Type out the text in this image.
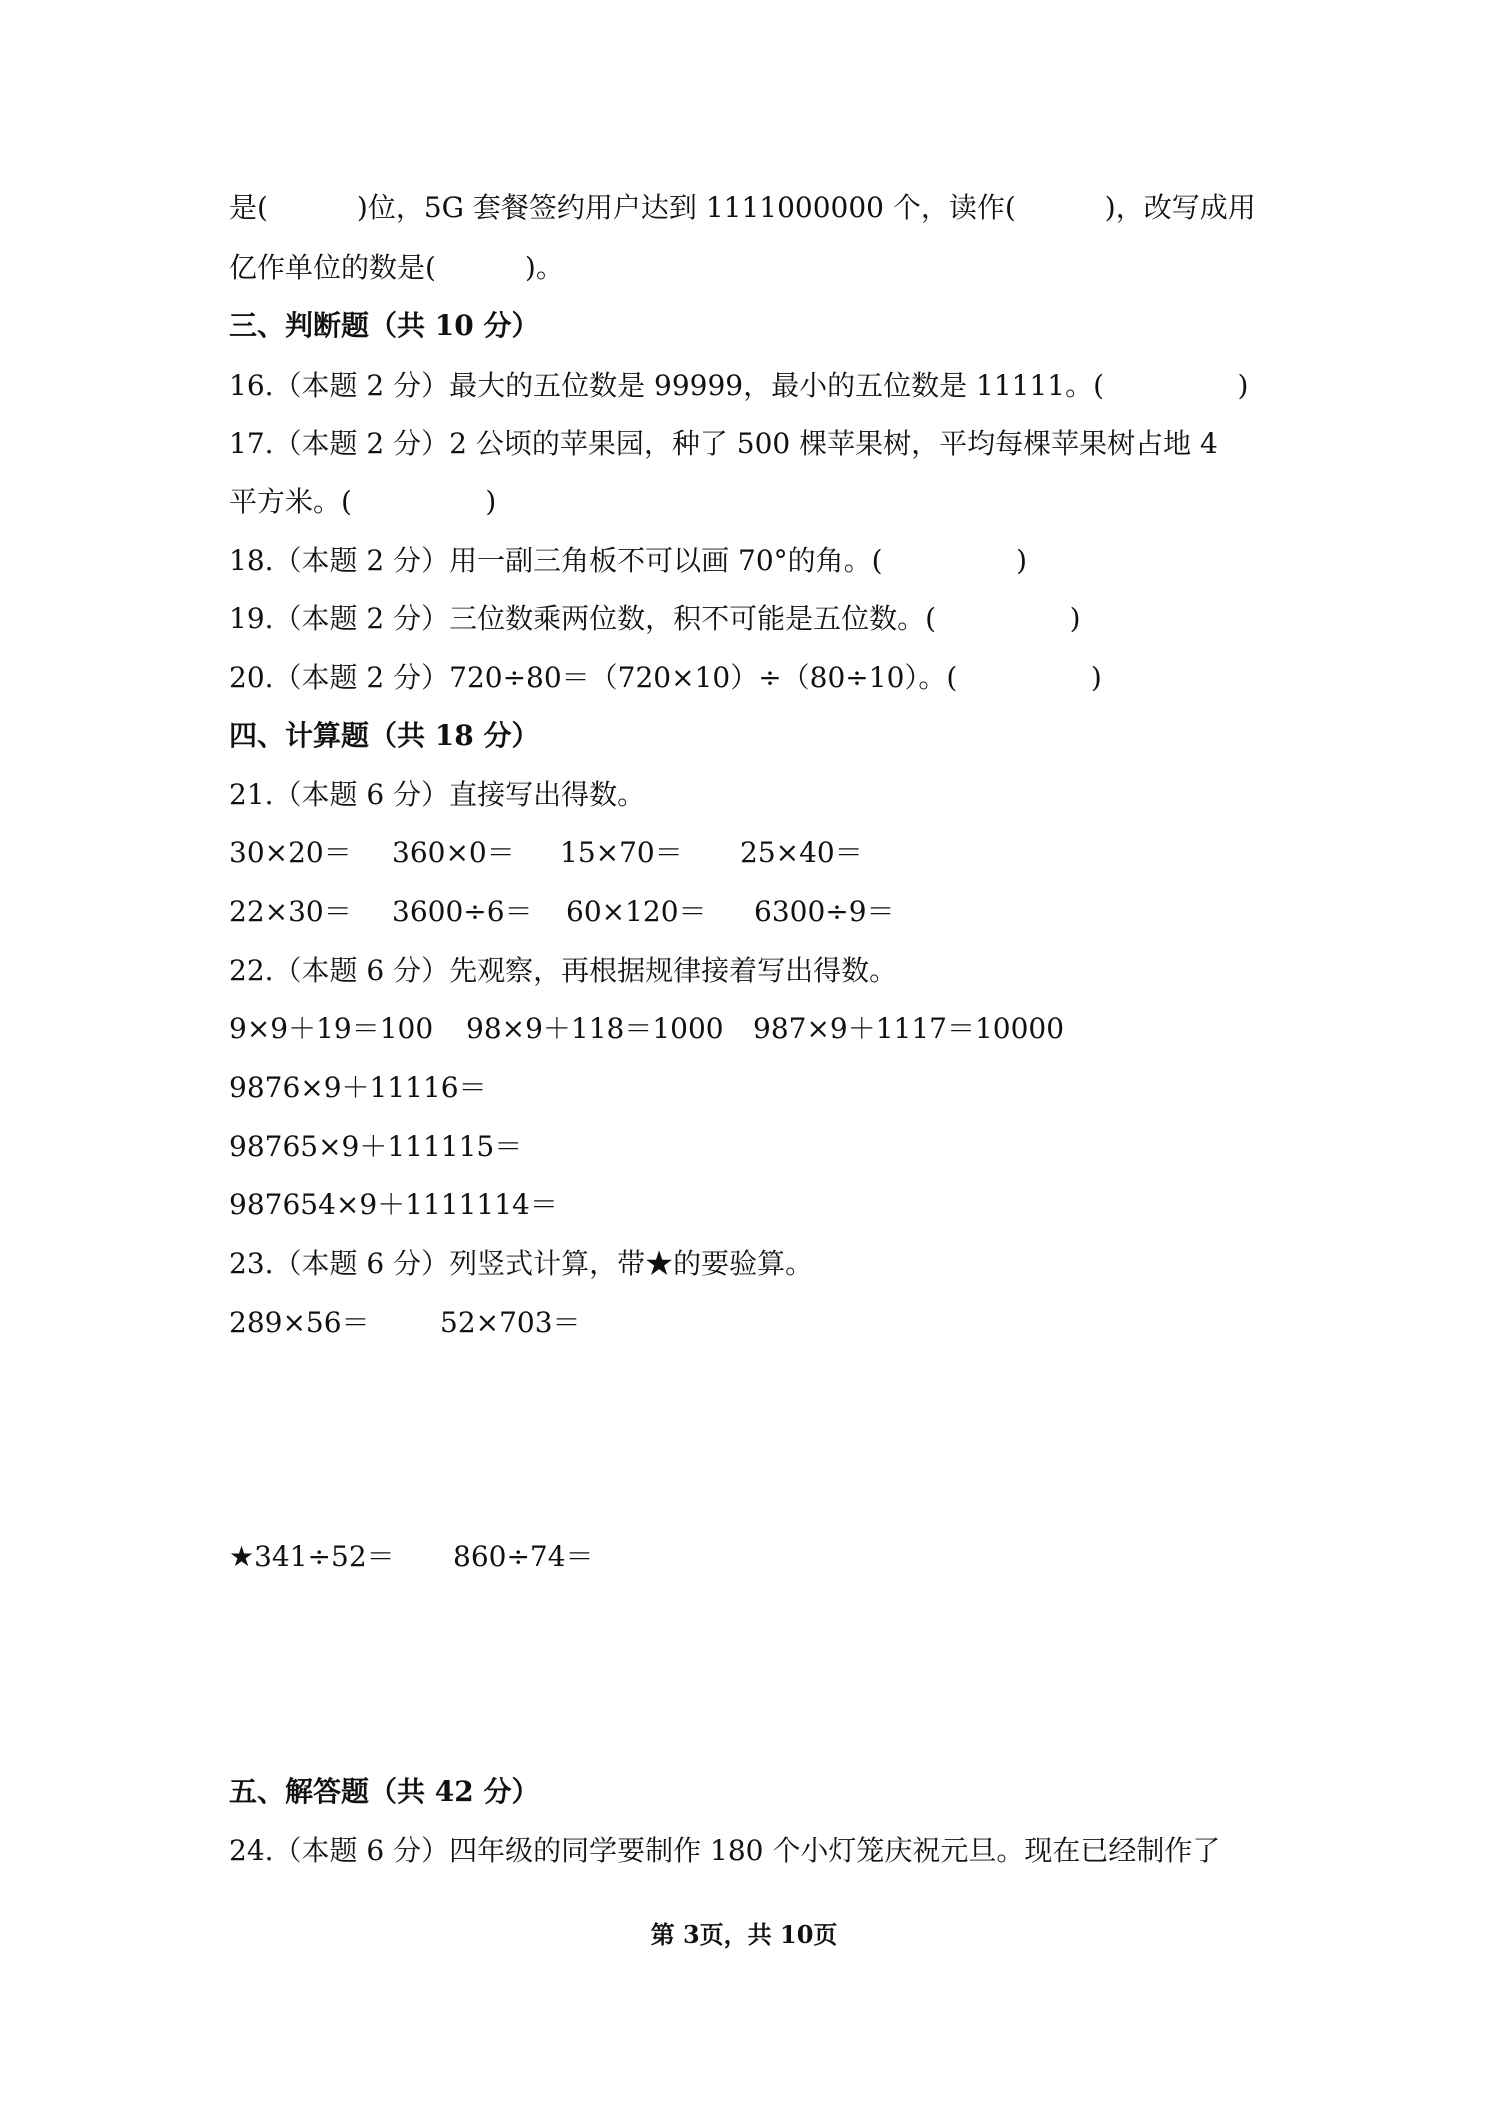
是(          )位，5G 套餐签约用户达到 1111000000 个，读作(          )，改写成用
亿作单位的数是(          )。
三、判断题（共 10 分）
16.（本题 2 分）最大的五位数是 99999，最小的五位数是 11111。(               )
17.（本题 2 分）2 公顷的苹果园，种了 500 棵苹果树，平均每棵苹果树占地 4
平方米。(               )
18.（本题 2 分）用一副三角板不可以画 70°的角。(               )
19.（本题 2 分）三位数乘两位数，积不可能是五位数。(               )
20.（本题 2 分）720÷80＝（720×10）÷（80÷10）。(               )
四、计算题（共 18 分）
21.（本题 6 分）直接写出得数。
30×20＝ 360×0＝ 15×70＝ 25×40＝
22×30＝ 3600÷6＝ 60×120＝ 6300÷9＝
22.（本题 6 分）先观察，再根据规律接着写出得数。
9×9＋19＝100 98×9＋118＝1000 987×9＋1117＝10000
9876×9＋11116＝
98765×9＋111115＝
987654×9＋1111114＝
23.（本题 6 分）列竖式计算，带★的要验算。
289×56＝	52×703＝
★341÷52＝ 860÷74＝
五、解答题（共 42 分）
24.（本题 6 分）四年级的同学要制作 180 个小灯笼庆祝元旦。现在已经制作了
第 3页，共 10页
